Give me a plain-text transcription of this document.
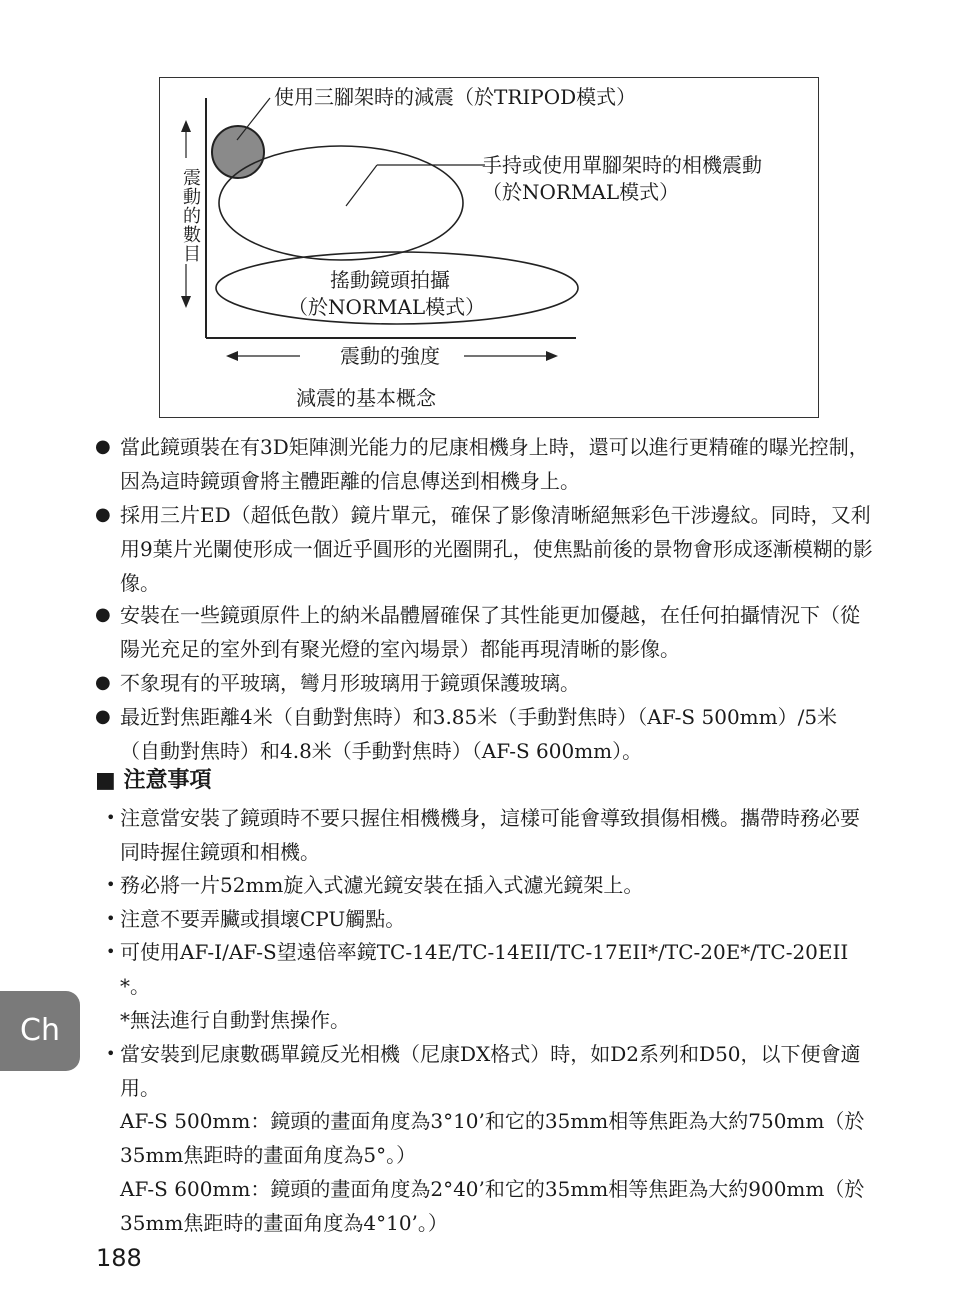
使用三腳架時的減震（於TRIPOD模式）
手持或使用單腳架時的相機震動
（於NORMAL模式）
搖動鏡頭拍攝
（於NORMAL模式）
震動的強度
減震的基本概念
震動的數目
● 當此鏡頭裝在有3D矩陣測光能力的尼康相機身上時，還可以進行更精確的曝光控制，因為這時鏡頭會將主體距離的信息傳送到相機身上。
● 採用三片ED（超低色散）鏡片單元，確保了影像清晰絕無彩色干涉邊紋。同時，又利用9葉片光闌使形成一個近乎圓形的光圈開孔，使焦點前後的景物會形成逐漸模糊的影像。
● 安裝在一些鏡頭原件上的納米晶體層確保了其性能更加優越，在任何拍攝情況下（從陽光充足的室外到有聚光燈的室內場景）都能再現清晰的影像。
● 不象現有的平玻璃，彎月形玻璃用于鏡頭保護玻璃。
● 最近對焦距離4米（自動對焦時）和3.85米（手動對焦時）（AF-S 500mm）/5米（自動對焦時）和4.8米（手動對焦時）（AF-S 600mm）。
■ 注意事項
• 注意當安裝了鏡頭時不要只握住相機機身，這樣可能會導致損傷相機。攜帶時務必要同時握住鏡頭和相機。
• 務必將一片52mm旋入式濾光鏡安裝在插入式濾光鏡架上。
• 注意不要弄臟或損壞CPU觸點。
• 可使用AF-I/AF-S望遠倍率鏡TC-14E/TC-14EII/TC-17EII*/TC-20E*/TC-20EII*。
*無法進行自動對焦操作。
• 當安裝到尼康數碼單鏡反光相機（尼康DX格式）時，如D2系列和D50，以下便會適用。
AF-S 500mm：鏡頭的畫面角度為3°10’和它的35mm相等焦距為大約750mm（於35mm焦距時的畫面角度為5°。）
AF-S 600mm：鏡頭的畫面角度為2°40’和它的35mm相等焦距為大約900mm（於35mm焦距時的畫面角度為4°10’。）
Ch
188
